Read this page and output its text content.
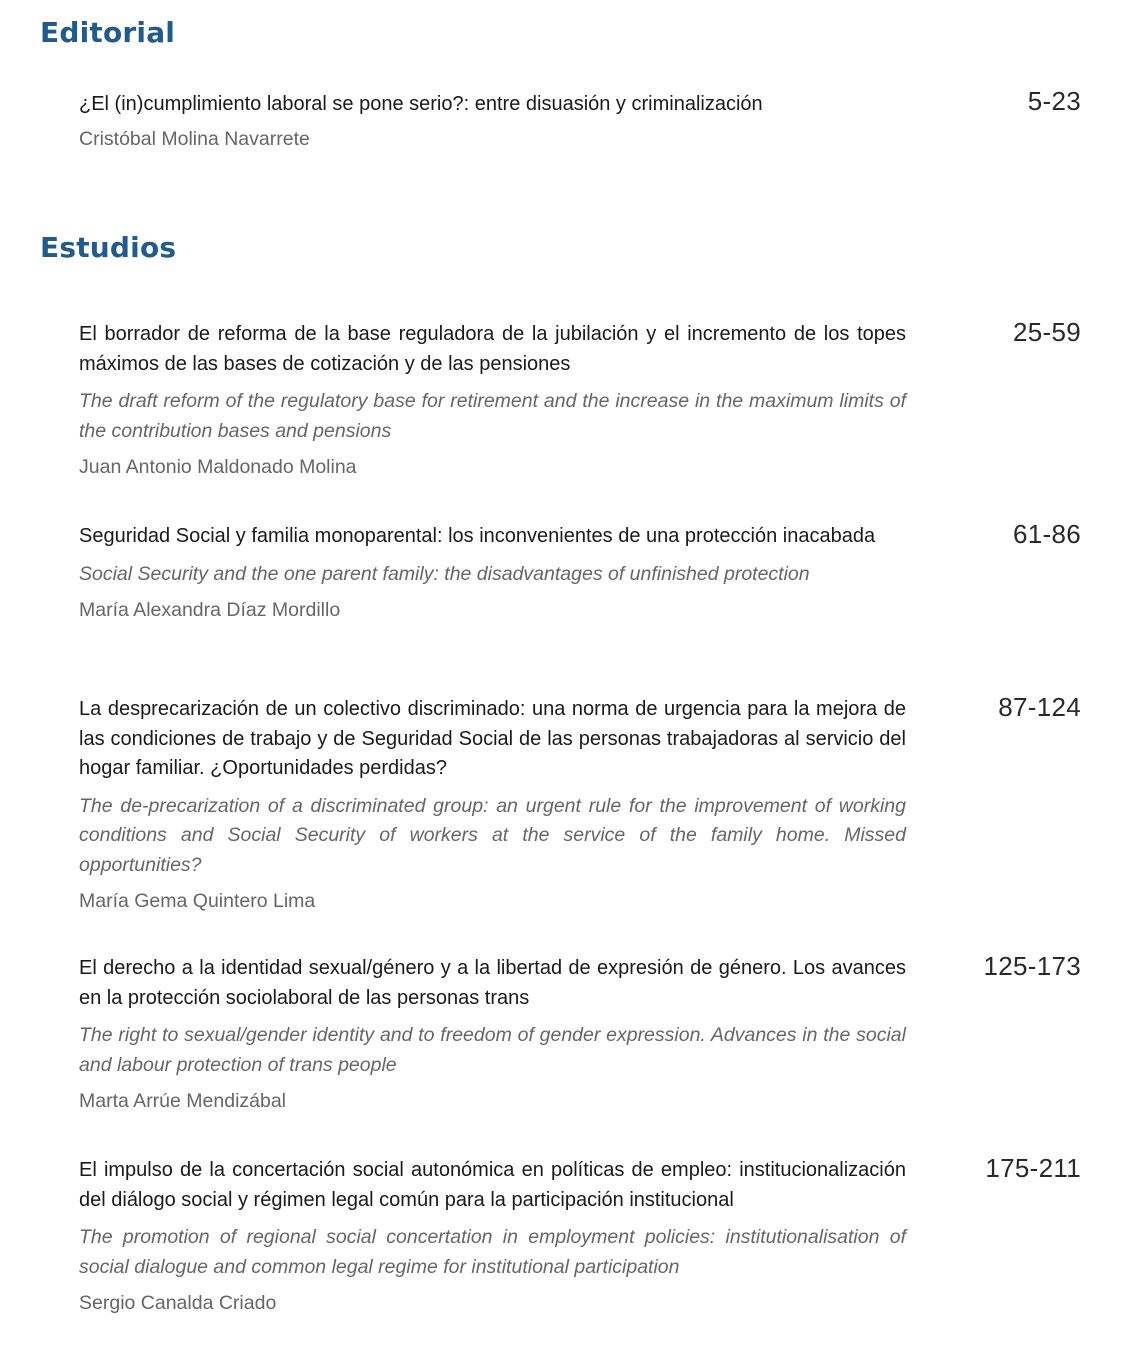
Editorial
¿El (in)cumplimiento laboral se pone serio?: entre disuasión y criminalización
Cristóbal Molina Navarrete
5-23
Estudios
El borrador de reforma de la base reguladora de la jubilación y el incremento de los topes máximos de las bases de cotización y de las pensiones
The draft reform of the regulatory base for retirement and the increase in the maximum limits of the contribution bases and pensions
Juan Antonio Maldonado Molina
25-59
Seguridad Social y familia monoparental: los inconvenientes de una protección inacabada
Social Security and the one parent family: the disadvantages of unfinished protection
María Alexandra Díaz Mordillo
61-86
La desprecarización de un colectivo discriminado: una norma de urgencia para la mejora de las condiciones de trabajo y de Seguridad Social de las personas trabajadoras al servicio del hogar familiar. ¿Oportunidades perdidas?
The de-precarization of a discriminated group: an urgent rule for the improvement of working conditions and Social Security of workers at the service of the family home. Missed opportunities?
María Gema Quintero Lima
87-124
El derecho a la identidad sexual/género y a la libertad de expresión de género. Los avances en la protección sociolaboral de las personas trans
The right to sexual/gender identity and to freedom of gender expression. Advances in the social and labour protection of trans people
Marta Arrúe Mendizábal
125-173
El impulso de la concertación social autonómica en políticas de empleo: institucionalización del diálogo social y régimen legal común para la participación institucional
The promotion of regional social concertation in employment policies: institutionalisation of social dialogue and common legal regime for institutional participation
Sergio Canalda Criado
175-211
